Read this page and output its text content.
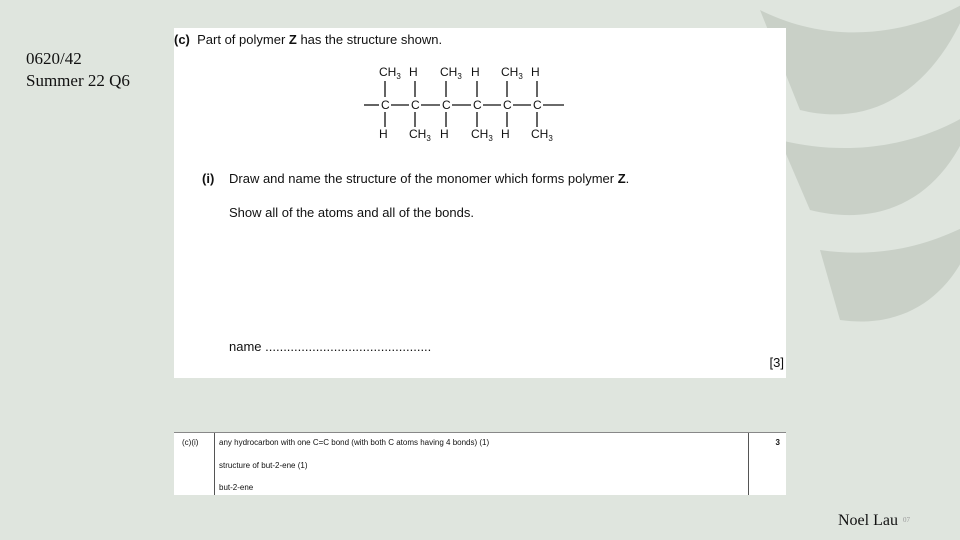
0620/42
Summer 22 Q6
(c) Part of polymer Z has the structure shown.
$CH_3$
C
H
C
$CH_3$
C
H
C
$CH_3$
C
H
C
H $CH_3$ H $CH_3$ H $CH_3$
(i) Draw and name the structure of the monomer which forms polymer Z.
Show all of the atoms and all of the bonds.
name ..............................................
[3]
(c)(i)	any hydrocarbon with one C=C bond (with both C atoms having 4 bonds) (1)
structure of but-2-ene (1)
but-2-ene
3
Noel Lau 07
